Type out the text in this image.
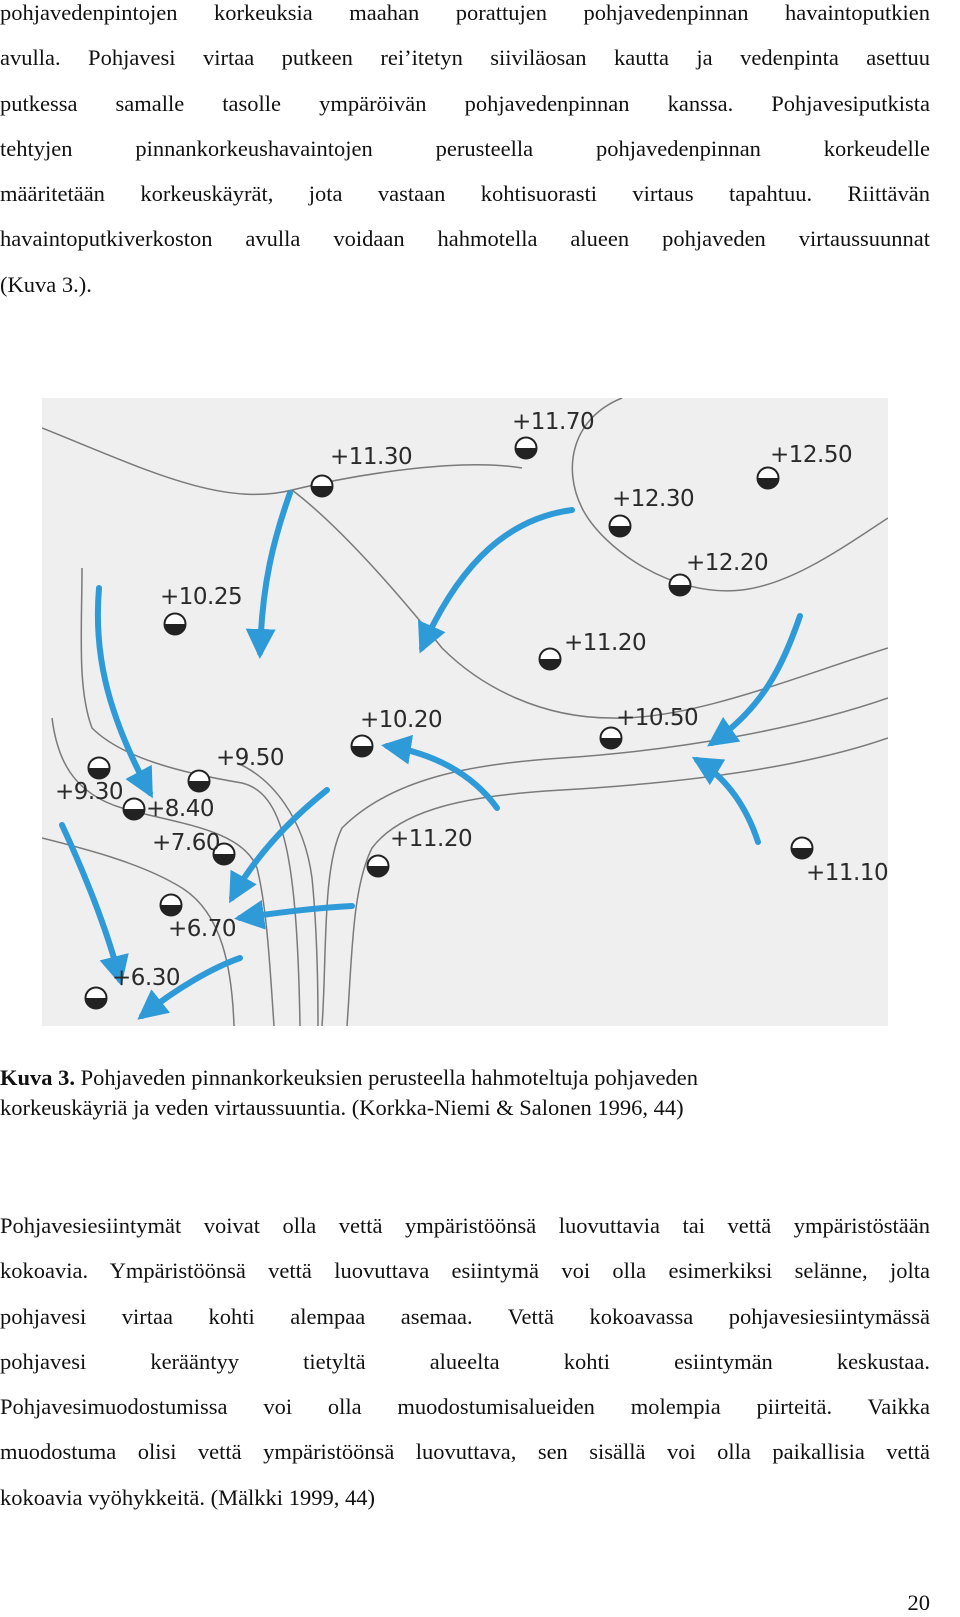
pohjavedenpintojen korkeuksia maahan porattujen pohjavedenpinnan havaintoputkien
avulla. Pohjavesi virtaa putkeen rei’itetyn siiviläosan kautta ja vedenpinta asettuu
putkessa samalle tasolle ympäröivän pohjavedenpinnan kanssa. Pohjavesiputkista
tehtyjen pinnankorkeushavaintojen perusteella pohjavedenpinnan korkeudelle
määritetään korkeuskäyrät, jota vastaan kohtisuorasti virtaus tapahtuu. Riittävän
havaintoputkiverkoston avulla voidaan hahmotella alueen pohjaveden virtaussuunnat
(Kuva 3.).
+11.30
+11.70
+12.50
+12.30
+12.20
+10.25
+11.20
+10.20	+10.50
+9.50
+9.30
+8.40
+7.60	+11.20
+11.10
+6.70
+6.30
Kuva 3. Pohjaveden pinnankorkeuksien perusteella hahmoteltuja pohjaveden
korkeuskäyriä ja veden virtaussuuntia. (Korkka-Niemi & Salonen 1996, 44)
Pohjavesiesiintymät voivat olla vettä ympäristöönsä luovuttavia tai vettä ympäristöstään
kokoavia. Ympäristöönsä vettä luovuttava esiintymä voi olla esimerkiksi selänne, jolta
pohjavesi virtaa kohti alempaa asemaa. Vettä kokoavassa pohjavesiesiintymässä
pohjavesi kerääntyy tietyltä alueelta kohti esiintymän keskustaa.
Pohjavesimuodostumissa voi olla muodostumisalueiden molempia piirteitä. Vaikka
muodostuma olisi vettä ympäristöönsä luovuttava, sen sisällä voi olla paikallisia vettä
kokoavia vyöhykkeitä. (Mälkki 1999, 44)
20
